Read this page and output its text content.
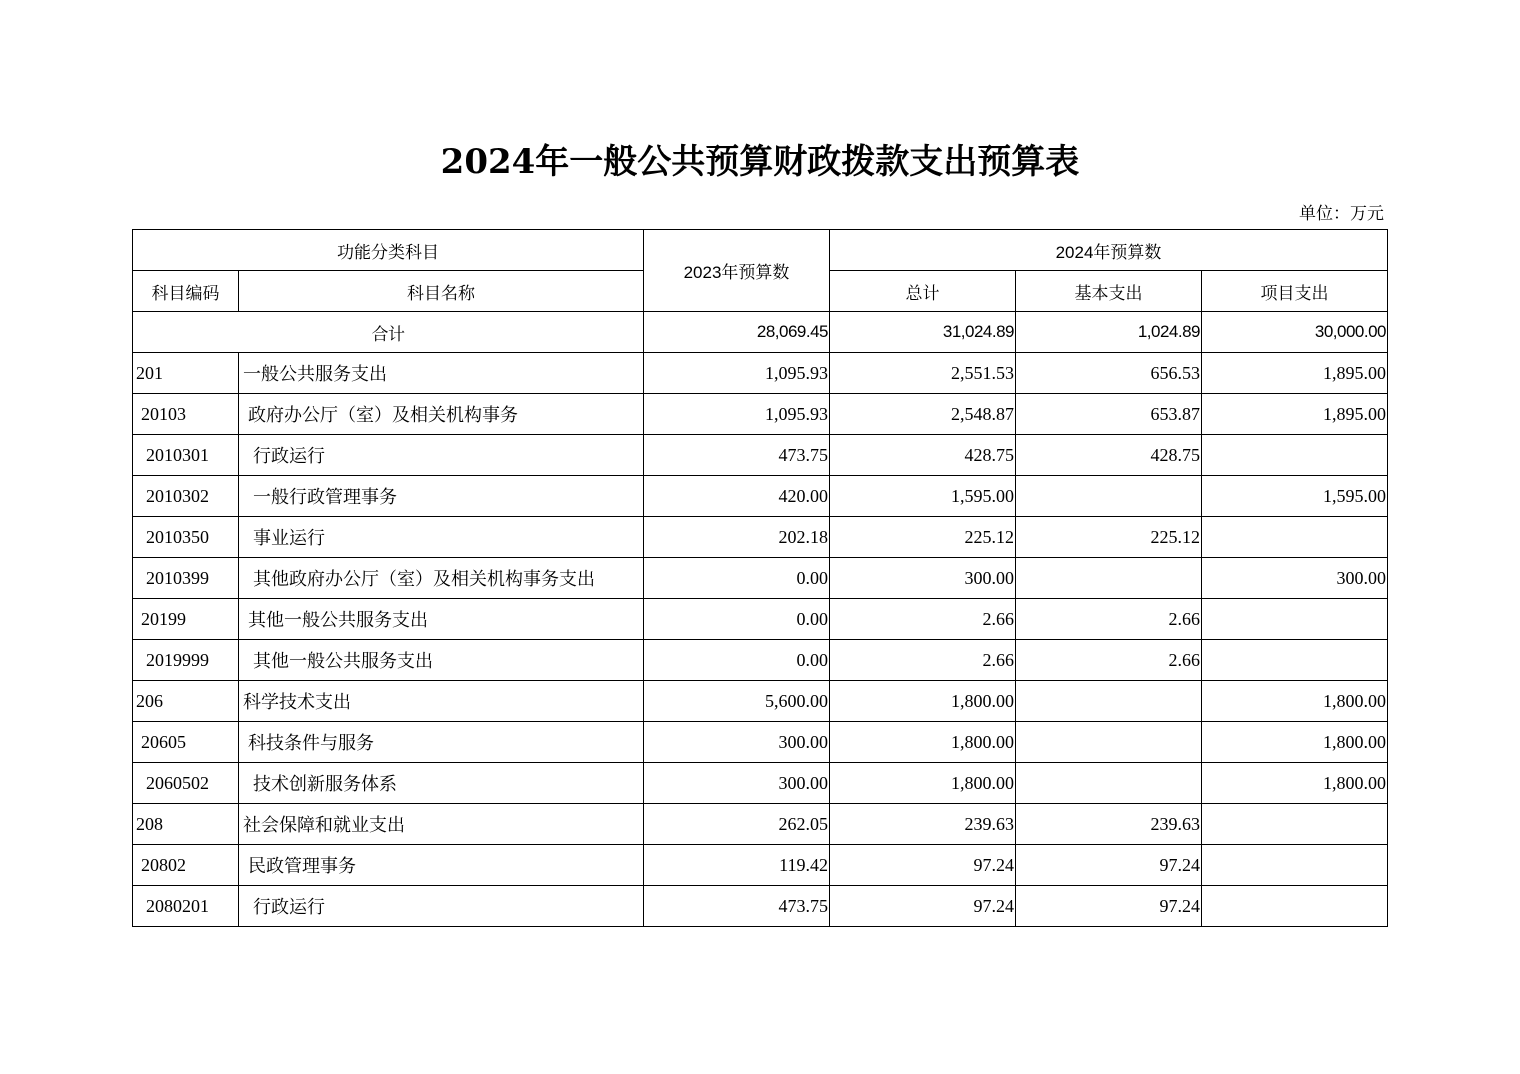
2024年一般公共预算财政拨款支出预算表
单位：万元
功能分类科目		2023年预算数	2024年预算数		
科目编码	科目名称		总计	基本支出	项目支出
合计		28,069.45	31,024.89	1,024.89	30,000.00
201	一般公共服务支出	1,095.93	2,551.53	656.53	1,895.00
20103	政府办公厅（室）及相关机构事务	1,095.93	2,548.87	653.87	1,895.00
2010301	行政运行	473.75	428.75	428.75	
2010302	一般行政管理事务	420.00	1,595.00		1,595.00
2010350	事业运行	202.18	225.12	225.12	
2010399	其他政府办公厅（室）及相关机构事务支出	0.00	300.00		300.00
20199	其他一般公共服务支出	0.00	2.66	2.66	
2019999	其他一般公共服务支出	0.00	2.66	2.66	
206	科学技术支出	5,600.00	1,800.00		1,800.00
20605	科技条件与服务	300.00	1,800.00		1,800.00
2060502	技术创新服务体系	300.00	1,800.00		1,800.00
208	社会保障和就业支出	262.05	239.63	239.63	
20802	民政管理事务	119.42	97.24	97.24	
2080201	行政运行	473.75	97.24	97.24	
